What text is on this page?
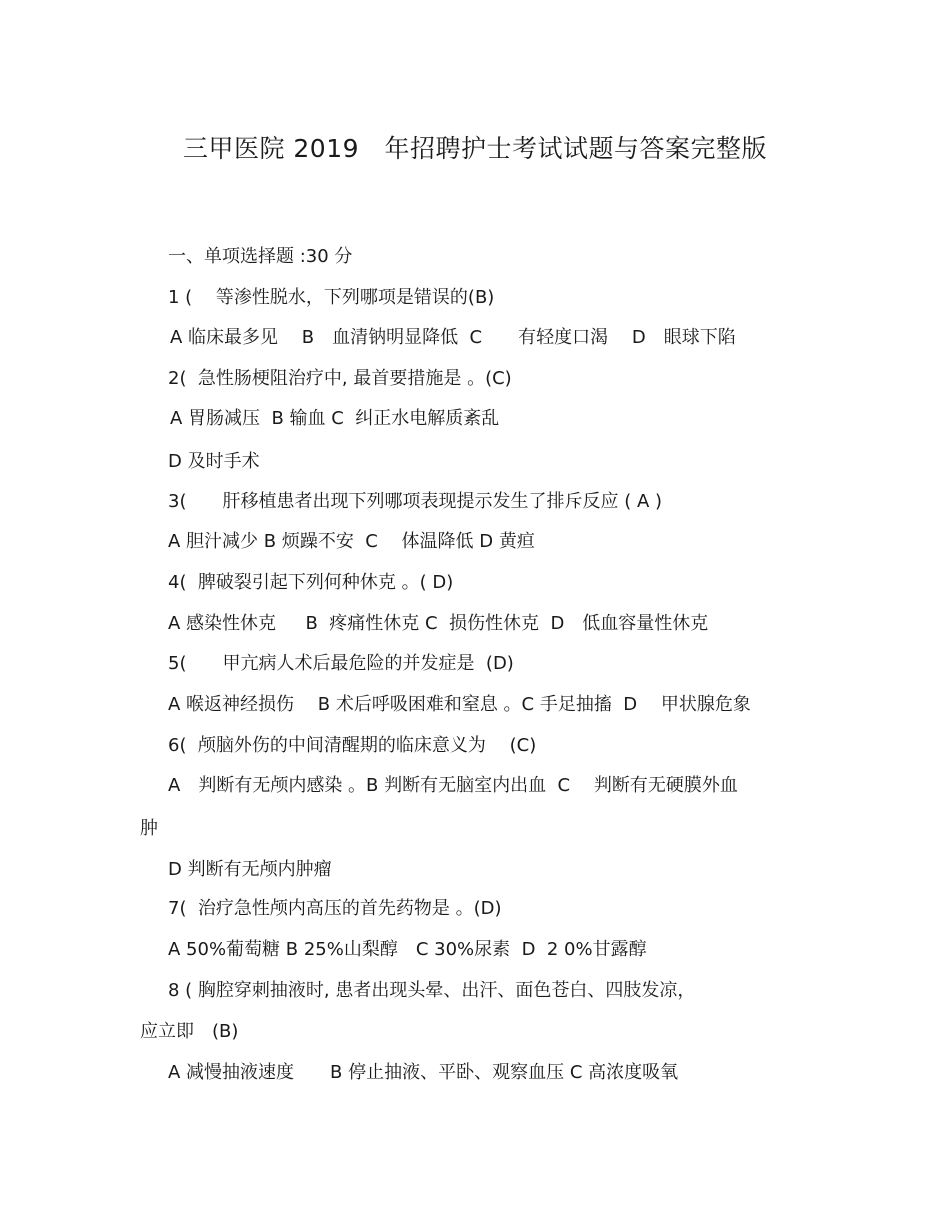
三甲医院 2019　年招聘护士考试试题与答案完整版
一、单项选择题 :30 分
1 (　 等渗性脱水，下列哪项是错误的(B)
A 临床最多见　 B　血清钠明显降低  C　　有轻度口渴　 D　眼球下陷
2(  急性肠梗阻治疗中, 最首要措施是 。(C)
A 胃肠减压  B 输血 C  纠正水电解质紊乱
D 及时手术
3(　　肝移植患者出现下列哪项表现提示发生了排斥反应 ( A )
A 胆汁减少 B 烦躁不安  C　 体温降低 D 黄疸
4(  脾破裂引起下列何种休克 。( D)
A 感染性休克　  B  疼痛性休克 C  损伤性休克  D　低血容量性休克
5(　　甲亢病人术后最危险的并发症是  (D)
A 喉返神经损伤　 B 术后呼吸困难和窒息 。C 手足抽搐  D　 甲状腺危象
6(  颅脑外伤的中间清醒期的临床意义为　 (C)
A　判断有无颅内感染 。B 判断有无脑室内出血  C　 判断有无硬膜外血
肿
D 判断有无颅内肿瘤
7(  治疗急性颅内高压的首先药物是 。(D)
A 50%葡萄糖 B 25%山梨醇　C 30%尿素  D  2 0%甘露醇
8 ( 胸腔穿刺抽液时, 患者出现头晕、出汗、面色苍白、四肢发凉，
应立即　(B)
A 减慢抽液速度　　B 停止抽液、平卧、观察血压 C 高浓度吸氧
